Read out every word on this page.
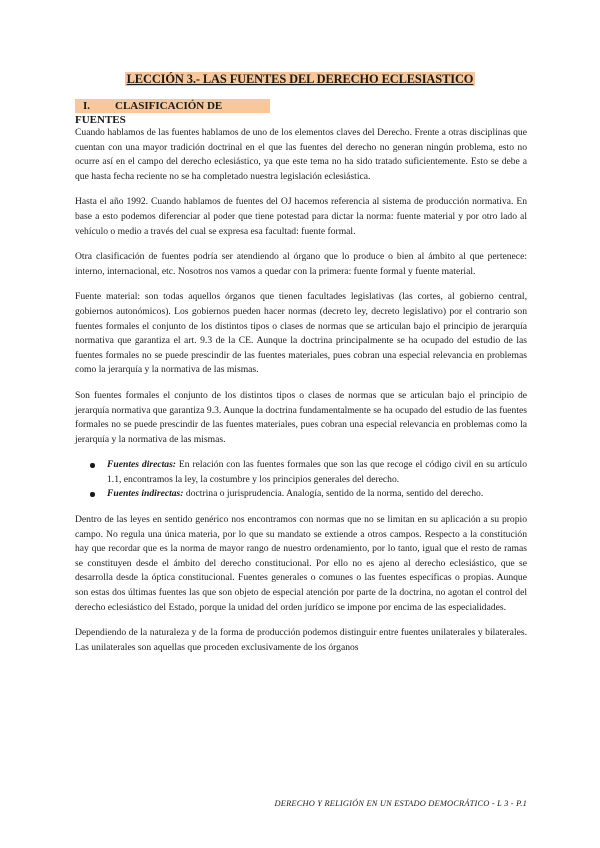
LECCIÓN 3.- LAS FUENTES DEL DERECHO ECLESIASTICO
I. CLASIFICACIÓN DE FUENTES

Cuando hablamos de las fuentes hablamos de uno de los elementos claves del Derecho. Frente a otras disciplinas que cuentan con una mayor tradición doctrinal en el que las fuentes del derecho no generan ningún problema, esto no ocurre así en el campo del derecho eclesiástico, ya que este tema no ha sido tratado suficientemente. Esto se debe a que hasta fecha reciente no se ha completado nuestra legislación eclesiástica.

Hasta el año 1992. Cuando hablamos de fuentes del OJ hacemos referencia al sistema de producción normativa. En base a esto podemos diferenciar al poder que tiene potestad para dictar la norma: fuente material y por otro lado al vehículo o medio a través del cual se expresa esa facultad: fuente formal.

Otra clasificación de fuentes podría ser atendiendo al órgano que lo produce o bien al ámbito al que pertenece: interno, internacional, etc. Nosotros nos vamos a quedar con la primera: fuente formal y fuente material.

Fuente material: son todas aquellos órganos que tienen facultades legislativas (las cortes, al gobierno central, gobiernos autonómicos). Los gobiernos pueden hacer normas (decreto ley, decreto legislativo) por el contrario son fuentes formales el conjunto de los distintos tipos o clases de normas que se articulan bajo el principio de jerarquía normativa que garantiza el art. 9.3 de la CE. Aunque la doctrina principalmente se ha ocupado del estudio de las fuentes formales no se puede prescindir de las fuentes materiales, pues cobran una especial relevancia en problemas como la jerarquía y la normativa de las mismas.

Son fuentes formales el conjunto de los distintos tipos o clases de normas que se articulan bajo el principio de jerarquía normativa que garantiza 9.3. Aunque la doctrina fundamentalmente se ha ocupado del estudio de las fuentes formales no se puede prescindir de las fuentes materiales, pues cobran una especial relevancia en problemas como la jerarquía y la normativa de las mismas.

Fuentes directas: En relación con las fuentes formales que son las que recoge el código civil en su artículo 1.1, encontramos la ley, la costumbre y los principios generales del derecho.
Fuentes indirectas: doctrina o jurisprudencia. Analogía, sentido de la norma, sentido del derecho.

Dentro de las leyes en sentido genérico nos encontramos con normas que no se limitan en su aplicación a su propio campo. No regula una única materia, por lo que su mandato se extiende a otros campos. Respecto a la constitución hay que recordar que es la norma de mayor rango de nuestro ordenamiento, por lo tanto, igual que el resto de ramas se constituyen desde el ámbito del derecho constitucional. Por ello no es ajeno al derecho eclesiástico, que se desarrolla desde la óptica constitucional. Fuentes generales o comunes o las fuentes específicas o propias. Aunque son estas dos últimas fuentes las que son objeto de especial atención por parte de la doctrina, no agotan el control del derecho eclesiástico del Estado, porque la unidad del orden jurídico se impone por encima de las especialidades.

Dependiendo de la naturaleza y de la forma de producción podemos distinguir entre fuentes unilaterales y bilaterales. Las unilaterales son aquellas que proceden exclusivamente de los órganos

DERECHO Y RELIGIÓN EN UN ESTADO DEMOCRÁTICO - L 3 - P.1
